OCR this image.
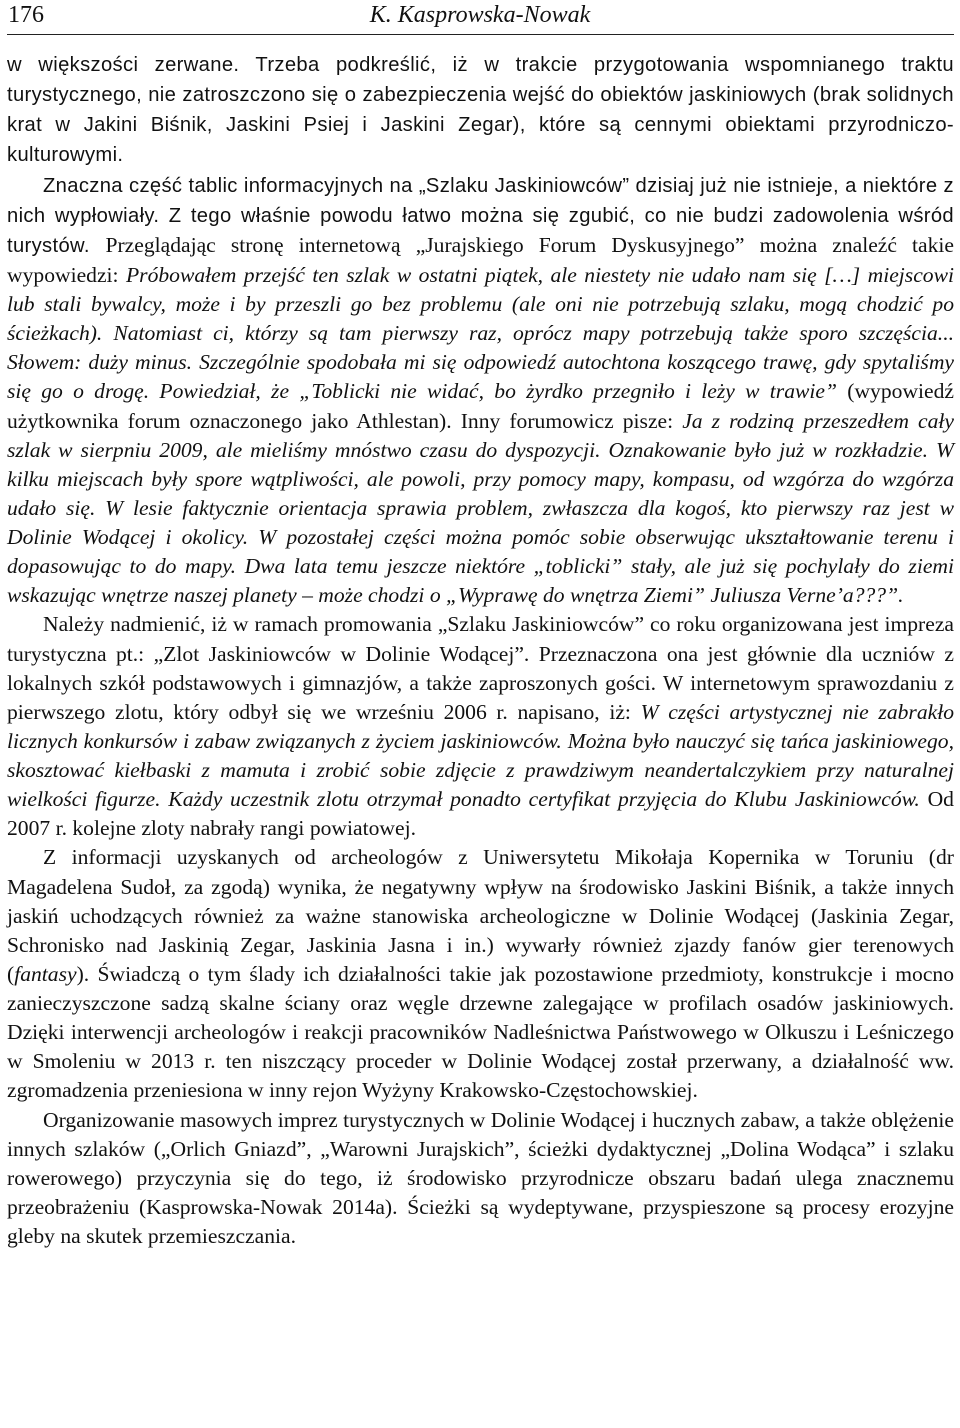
176	K. Kasprowska-Nowak

w większości zerwane. Trzeba podkreślić, iż w trakcie przygotowania wspomnianego traktu turystycznego, nie zatroszczono się o zabezpieczenia wejść do obiektów jaskiniowych (brak solidnych krat w Jakini Biśnik, Jaskini Psiej i Jaskini Zegar), które są cennymi obiektami przyrodniczo-kulturowymi.

Znaczna część tablic informacyjnych na „Szlaku Jaskiniowców” dzisiaj już nie istnieje, a niektóre z nich wypłowiały. Z tego właśnie powodu łatwo można się zgubić, co nie budzi zadowolenia wśród turystów. Przeglądając stronę internetową „Jurajskiego Forum Dyskusyjnego” można znaleźć takie wypowiedzi: Próbowałem przejść ten szlak w ostatni piątek, ale niestety nie udało nam się […] miejscowi lub stali bywalcy, może i by przeszli go bez problemu (ale oni nie potrzebują szlaku, mogą chodzić po ścieżkach). Natomiast ci, którzy są tam pierwszy raz, oprócz mapy potrzebują także sporo szczęścia... Słowem: duży minus. Szczególnie spodobała mi się odpowiedź autochtona koszącego trawę, gdy spytaliśmy się go o drogę. Powiedział, że „Toblicki nie widać, bo żyrdko przegniło i leży w trawie” (wypowiedź użytkownika forum oznaczonego jako Athlestan). Inny forumowicz pisze: Ja z rodziną przeszedłem cały szlak w sierpniu 2009, ale mieliśmy mnóstwo czasu do dyspozycji. Oznakowanie było już w rozkładzie. W kilku miejscach były spore wątpliwości, ale powoli, przy pomocy mapy, kompasu, od wzgórza do wzgórza udało się. W lesie faktycznie orientacja sprawia problem, zwłaszcza dla kogoś, kto pierwszy raz jest w Dolinie Wodącej i okolicy. W pozostałej części można pomóc sobie obserwując ukształtowanie terenu i dopasowując to do mapy. Dwa lata temu jeszcze niektóre „toblicki” stały, ale już się pochylały do ziemi wskazując wnętrze naszej planety – może chodzi o „Wyprawę do wnętrza Ziemi” Juliusza Verne’a???”.

Należy nadmienić, iż w ramach promowania „Szlaku Jaskiniowców” co roku organizowana jest impreza turystyczna pt.: „Zlot Jaskiniowców w Dolinie Wodącej”. Przeznaczona ona jest głównie dla uczniów z lokalnych szkół podstawowych i gimnazjów, a także zaproszonych gości. W internetowym sprawozdaniu z pierwszego zlotu, który odbył się we wrześniu 2006 r. napisano, iż: W części artystycznej nie zabrakło licznych konkursów i zabaw związanych z życiem jaskiniowców. Można było nauczyć się tańca jaskiniowego, skosztować kiełbaski z mamuta i zrobić sobie zdjęcie z prawdziwym neandertalczykiem przy naturalnej wielkości figurze. Każdy uczestnik zlotu otrzymał ponadto certyfikat przyjęcia do Klubu Jaskiniowców. Od 2007 r. kolejne zloty nabrały rangi powiatowej.

Z informacji uzyskanych od archeologów z Uniwersytetu Mikołaja Kopernika w Toruniu (dr Magadelena Sudoł, za zgodą) wynika, że negatywny wpływ na środowisko Jaskini Biśnik, a także innych jaskiń uchodzących również za ważne stanowiska archeologiczne w Dolinie Wodącej (Jaskinia Zegar, Schronisko nad Jaskinią Zegar, Jaskinia Jasna i in.) wywarły również zjazdy fanów gier terenowych (fantasy). Świadczą o tym ślady ich działalności takie jak pozostawione przedmioty, konstrukcje i mocno zanieczyszczone sadzą skalne ściany oraz węgle drzewne zalegające w profilach osadów jaskiniowych. Dzięki interwencji archeologów i reakcji pracowników Nadleśnictwa Państwowego w Olkuszu i Leśniczego w Smoleniu w 2013 r. ten niszczący proceder w Dolinie Wodącej został przerwany, a działalność ww. zgromadzenia przeniesiona w inny rejon Wyżyny Krakowsko-Częstochowskiej.

Organizowanie masowych imprez turystycznych w Dolinie Wodącej i hucznych zabaw, a także oblężenie innych szlaków („Orlich Gniazd”, „Warowni Jurajskich”, ścieżki dydaktycznej „Dolina Wodąca” i szlaku rowerowego) przyczynia się do tego, iż środowisko przyrodnicze obszaru badań ulega znacznemu przeobrażeniu (Kasprowska-Nowak 2014a). Ścieżki są wydeptywane, przyspieszone są procesy erozyjne gleby na skutek przemieszczania.
